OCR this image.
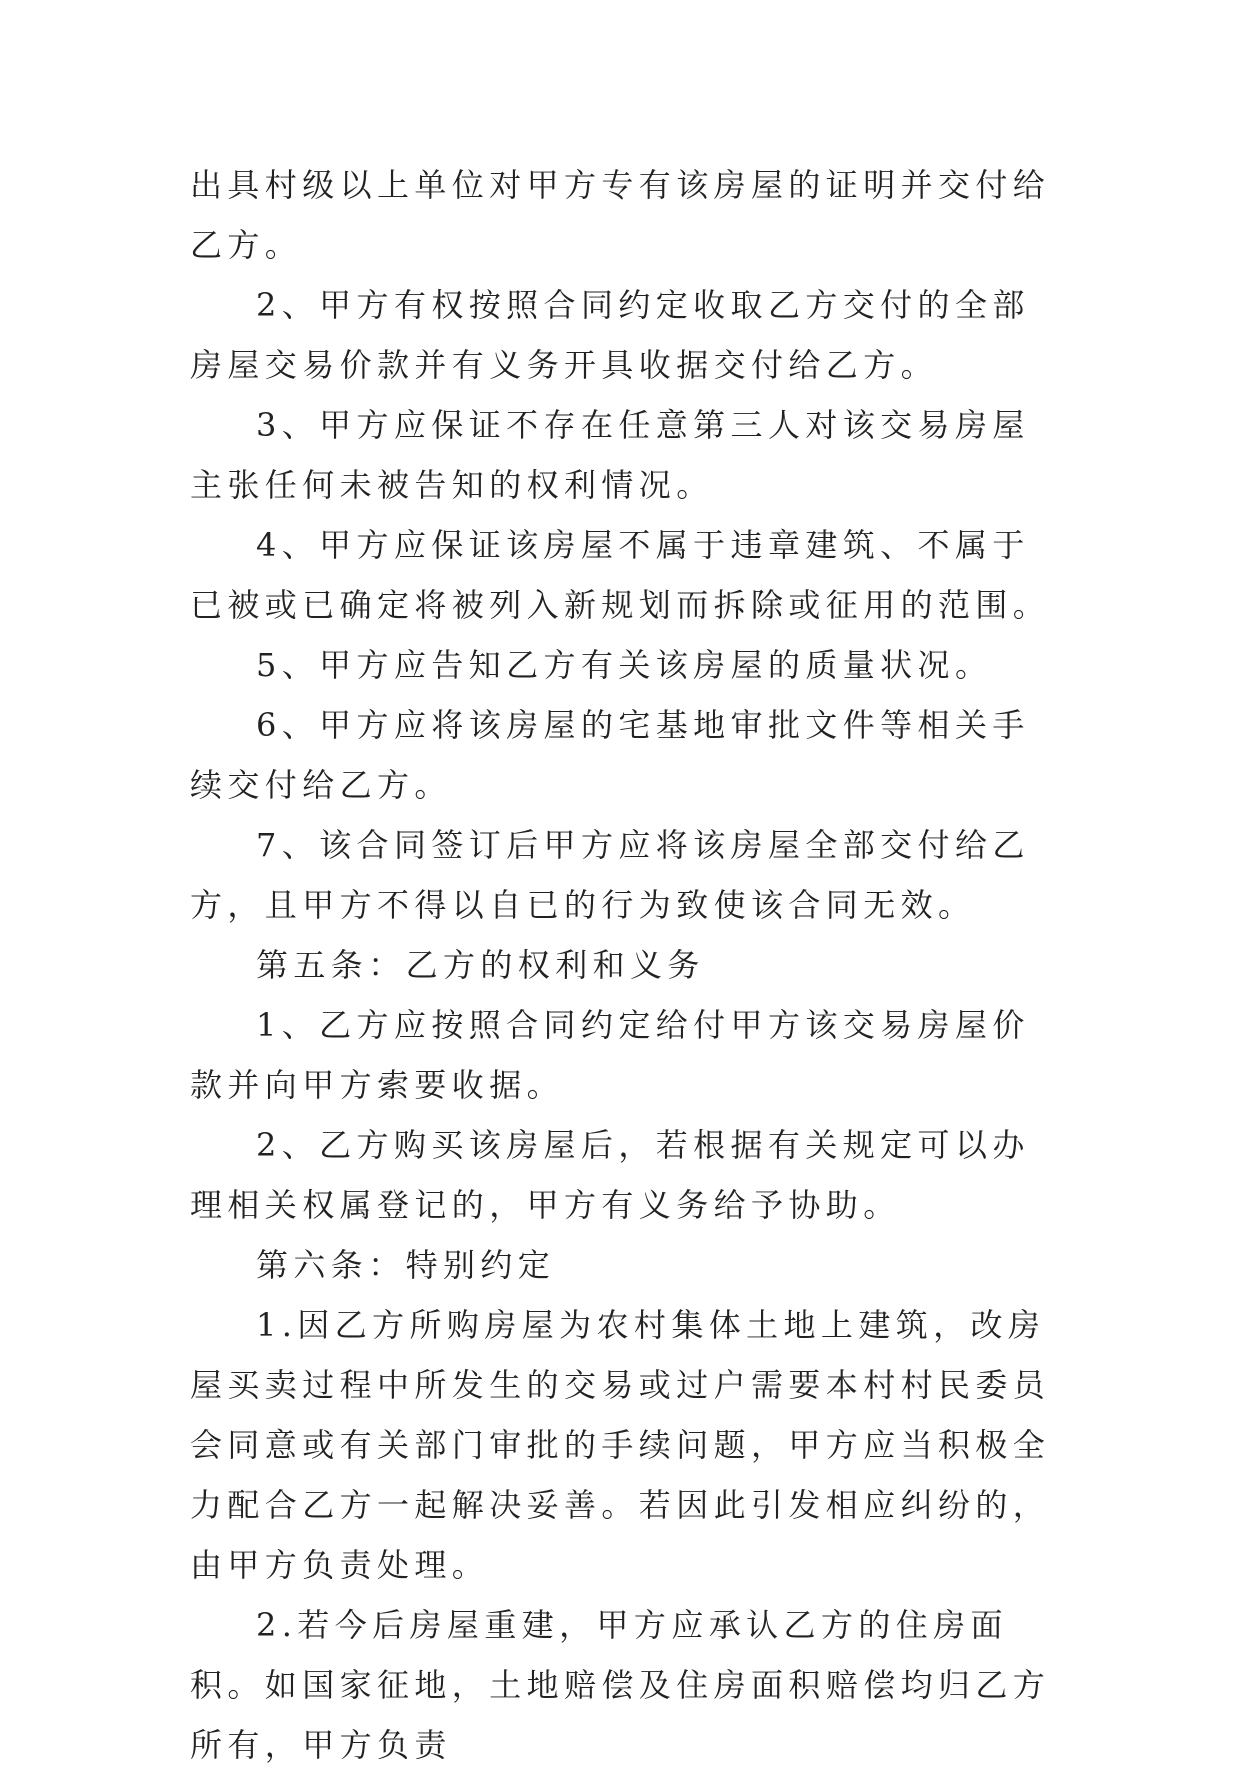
出具村级以上单位对甲方专有该房屋的证明并交付给乙方。

2、甲方有权按照合同约定收取乙方交付的全部房屋交易价款并有义务开具收据交付给乙方。

3、甲方应保证不存在任意第三人对该交易房屋主张任何未被告知的权利情况。

4、甲方应保证该房屋不属于违章建筑、不属于已被或已确定将被列入新规划而拆除或征用的范围。

5、甲方应告知乙方有关该房屋的质量状况。

6、甲方应将该房屋的宅基地审批文件等相关手续交付给乙方。

7、该合同签订后甲方应将该房屋全部交付给乙方，且甲方不得以自已的行为致使该合同无效。

第五条：乙方的权利和义务

1、乙方应按照合同约定给付甲方该交易房屋价款并向甲方索要收据。

2、乙方购买该房屋后，若根据有关规定可以办理相关权属登记的，甲方有义务给予协助。

第六条：特别约定

1.因乙方所购房屋为农村集体土地上建筑，改房屋买卖过程中所发生的交易或过户需要本村村民委员会同意或有关部门审批的手续问题，甲方应当积极全力配合乙方一起解决妥善。若因此引发相应纠纷的，由甲方负责处理。

2.若今后房屋重建，甲方应承认乙方的住房面积。如国家征地，土地赔偿及住房面积赔偿均归乙方所有，甲方负责
